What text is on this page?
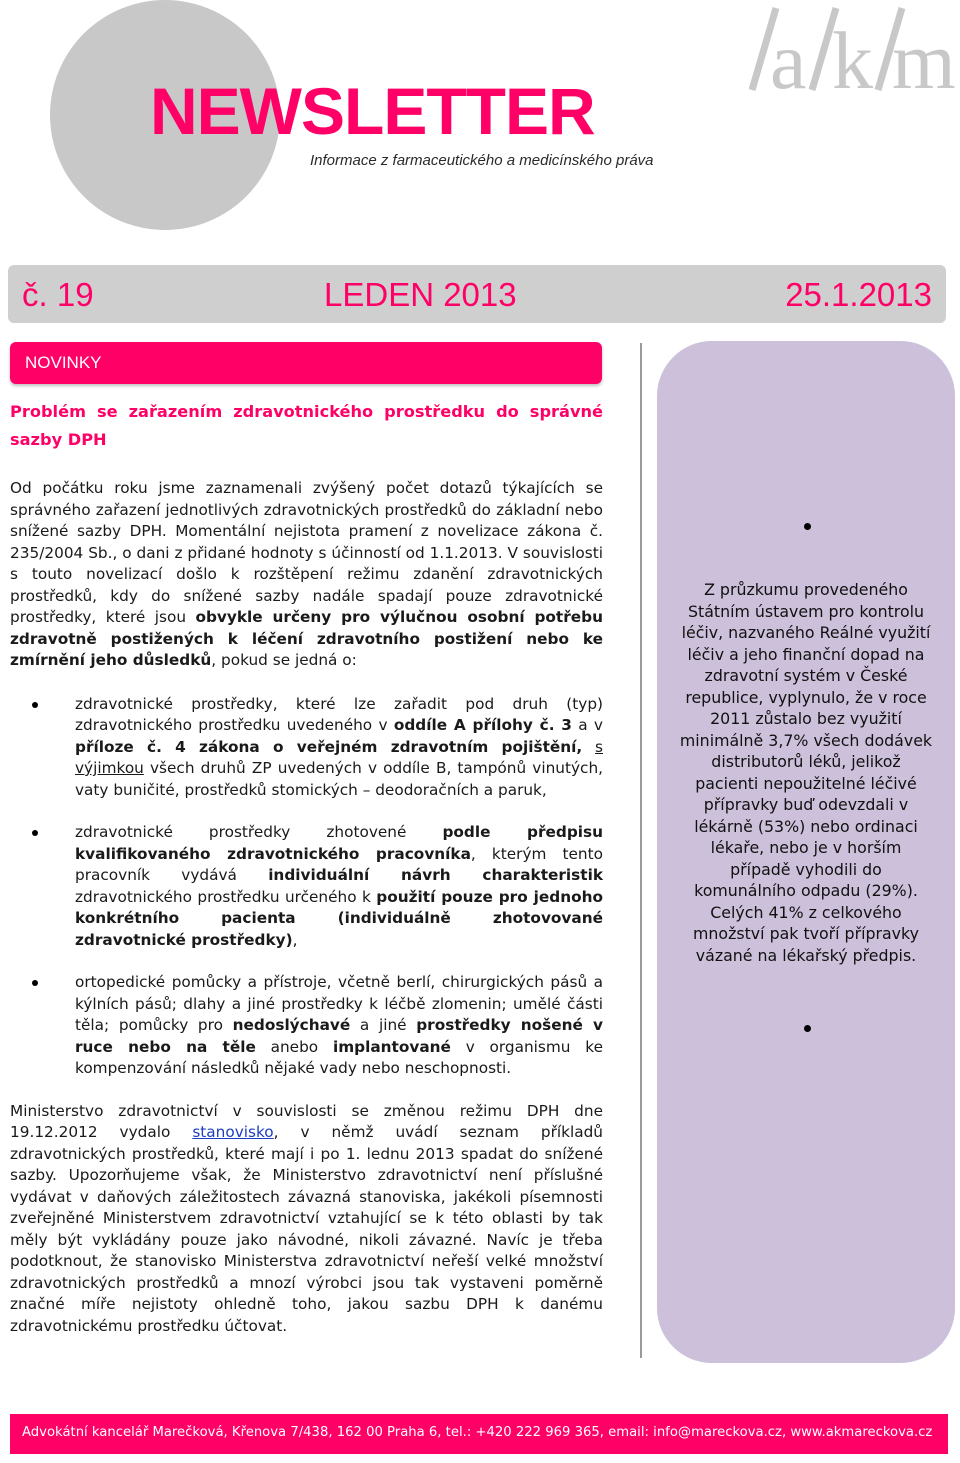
NEWSLETTER
Informace z farmaceutického a medicínského práva
a k m
č. 19	LEDEN 2013	25.1.2013
NOVINKY
Problém se zařazením zdravotnického prostředku do správné sazby DPH

Od počátku roku jsme zaznamenali zvýšený počet dotazů týkajících se správného zařazení jednotlivých zdravotnických prostředků do základní nebo snížené sazby DPH. Momentální nejistota pramení z novelizace zákona č. 235/2004 Sb., o dani z přidané hodnoty s účinností od 1.1.2013. V souvislosti s touto novelizací došlo k rozštěpení režimu zdanění zdravotnických prostředků, kdy do snížené sazby nadále spadají pouze zdravotnické prostředky, které jsou obvykle určeny pro výlučnou osobní potřebu zdravotně postižených k léčení zdravotního postižení nebo ke zmírnění jeho důsledků, pokud se jedná o:

zdravotnické prostředky, které lze zařadit pod druh (typ) zdravotnického prostředku uvedeného v oddíle A přílohy č. 3 a v příloze č. 4 zákona o veřejném zdravotním pojištění, s výjimkou všech druhů ZP uvedených v oddíle B, tampónů vinutých, vaty buničité, prostředků stomických – deodoračních a paruk,
zdravotnické prostředky zhotovené podle předpisu kvalifikovaného zdravotnického pracovníka, kterým tento pracovník vydává individuální návrh charakteristik zdravotnického prostředku určeného k použití pouze pro jednoho konkrétního pacienta (individuálně zhotovované zdravotnické prostředky),
ortopedické pomůcky a přístroje, včetně berlí, chirurgických pásů a kýlních pásů; dlahy a jiné prostředky k léčbě zlomenin; umělé části těla; pomůcky pro nedoslýchavé a jiné prostředky nošené v ruce nebo na těle anebo implantované v organismu ke kompenzování následků nějaké vady nebo neschopnosti.

Ministerstvo zdravotnictví v souvislosti se změnou režimu DPH dne 19.12.2012 vydalo stanovisko, v němž uvádí seznam příkladů zdravotnických prostředků, které mají i po 1. lednu 2013 spadat do snížené sazby. Upozorňujeme však, že Ministerstvo zdravotnictví není příslušné vydávat v daňových záležitostech závazná stanoviska, jakékoli písemnosti zveřejněné Ministerstvem zdravotnictví vztahující se k této oblasti by tak měly být vykládány pouze jako návodné, nikoli závazné. Navíc je třeba podotknout, že stanovisko Ministerstva zdravotnictví neřeší velké množství zdravotnických prostředků a mnozí výrobci jsou tak vystaveni poměrně značné míře nejistoty ohledně toho, jakou sazbu DPH k danému zdravotnickému prostředku účtovat.

Z průzkumu provedeného Státním ústavem pro kontrolu léčiv, nazvaného Reálné využití léčiv a jeho finanční dopad na zdravotní systém v České republice, vyplynulo, že v roce 2011 zůstalo bez využití minimálně 3,7% všech dodávek distributorů léků, jelikož pacienti nepoužitelné léčivé přípravky buď odevzdali v lékárně (53%) nebo ordinaci lékaře, nebo je v horším případě vyhodili do komunálního odpadu (29%). Celých 41% z celkového množství pak tvoří přípravky vázané na lékařský předpis.
Advokátní kancelář Marečková, Křenova 7/438, 162 00 Praha 6, tel.: +420 222 969 365, email: info@mareckova.cz, www.akmareckova.cz
